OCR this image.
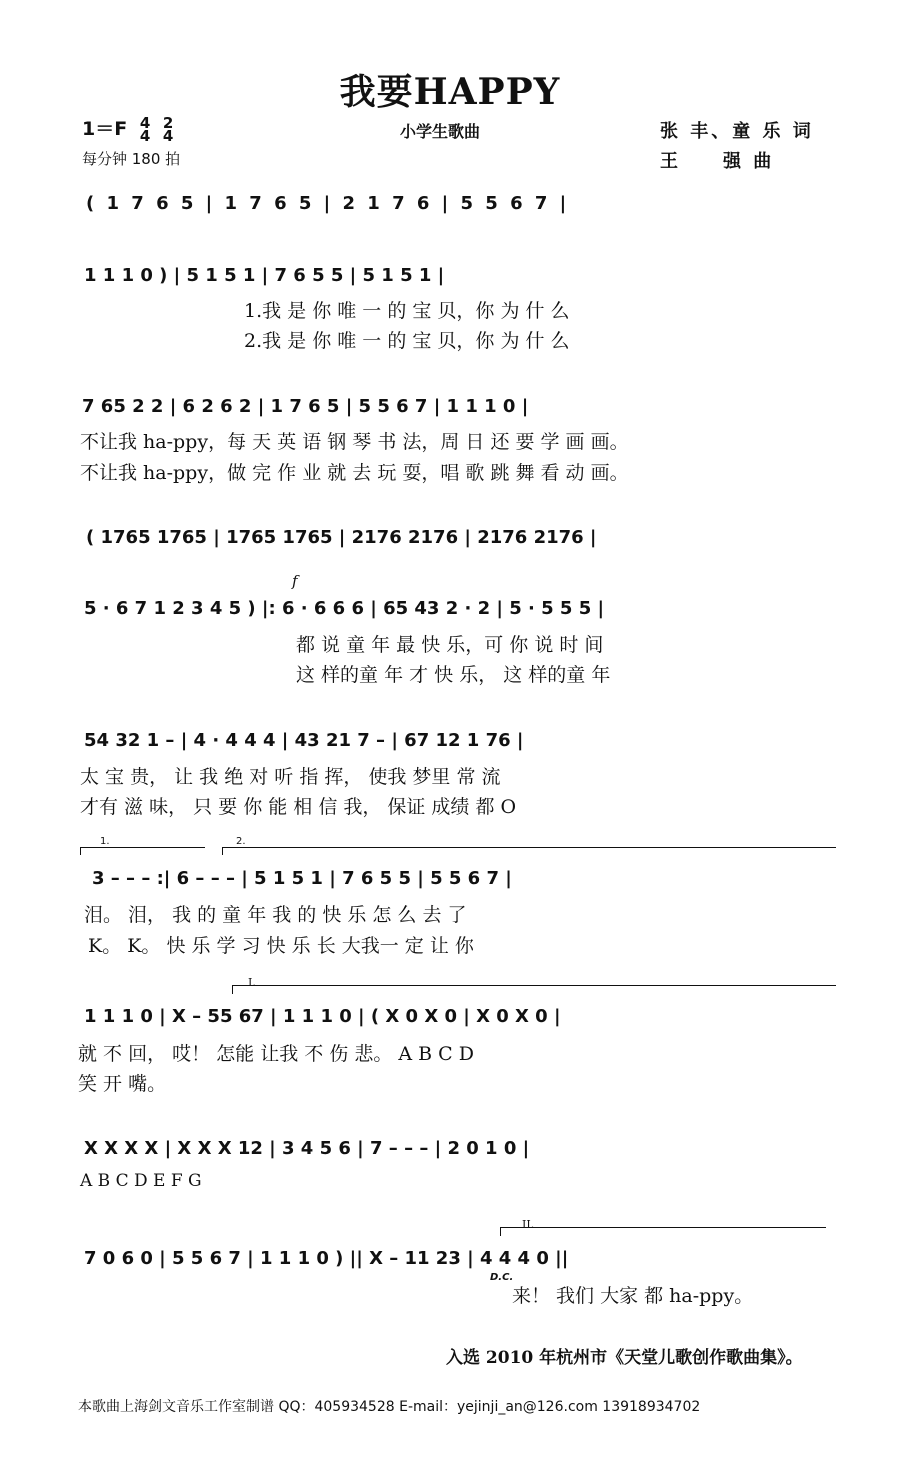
我要HAPPY
1＝F 4
4 2
4
每分钟 180 拍
小学生歌曲	张 丰、童 乐 词
王　　强 曲
( 1 7 6 5 | 1 7 6 5 | 2 1 7 6 | 5 5 6 7 |
1 1 1 0 ) | 5 1 5 1 | 7 6 5 5 | 5 1 5 1 |
1.我 是 你 唯 一 的 宝 贝，你 为 什 么
2.我 是 你 唯 一 的 宝 贝，你 为 什 么
7 65 2 2 | 6 2 6 2 | 1 7 6 5 | 5 5 6 7 | 1 1 1 0 |
不让我 ha-ppy，每 天 英 语 钢 琴 书 法，周 日 还 要 学 画 画。
不让我 ha-ppy，做 完 作 业 就 去 玩 耍，唱 歌 跳 舞 看 动 画。
( 1765 1765 | 1765 1765 | 2176 2176 | 2176 2176 |
f
5 · 6 7 1 2 3 4 5 ) |: 6 · 6 6 6 | 65 43 2 · 2 | 5 · 5 5 5 |
都 说 童 年 最 快 乐，可 你 说 时 间
这 样的童 年 才 快 乐， 这 样的童 年
54 32 1 – | 4 · 4 4 4 | 43 21 7 – | 67 12 1 76 |
太 宝 贵， 让 我 绝 对 听 指 挥， 使我 梦里 常 流
才有 滋 味， 只 要 你 能 相 信 我， 保证 成绩 都 O
1.	2.
3 – – – :| 6 – – – | 5 1 5 1 | 7 6 5 5 | 5 5 6 7 |
泪。 泪， 我 的 童 年 我 的 快 乐 怎 么 去 了
K。 K。 快 乐 学 习 快 乐 长 大我一 定 让 你
I.
1 1 1 0 | X – 55 67 | 1 1 1 0 | ( X 0 X 0 | X 0 X 0 |
就 不 回， 哎！ 怎能 让我 不 伤 悲。 A B C D
笑 开 嘴。
X X X X | X X X 12 | 3 4 5 6 | 7 – – – | 2 0 1 0 |
A B C D E F G
II.
7 0 6 0 | 5 5 6 7 | 1 1 1 0 ) || X – 11 23 | 4 4 4 0 ||
D.C.
来！ 我们 大家 都 ha-ppy。
入选 2010 年杭州市《天堂儿歌创作歌曲集》。
本歌曲上海剑文音乐工作室制谱 QQ：405934528 E-mail：yejinji_an@126.com 13918934702
